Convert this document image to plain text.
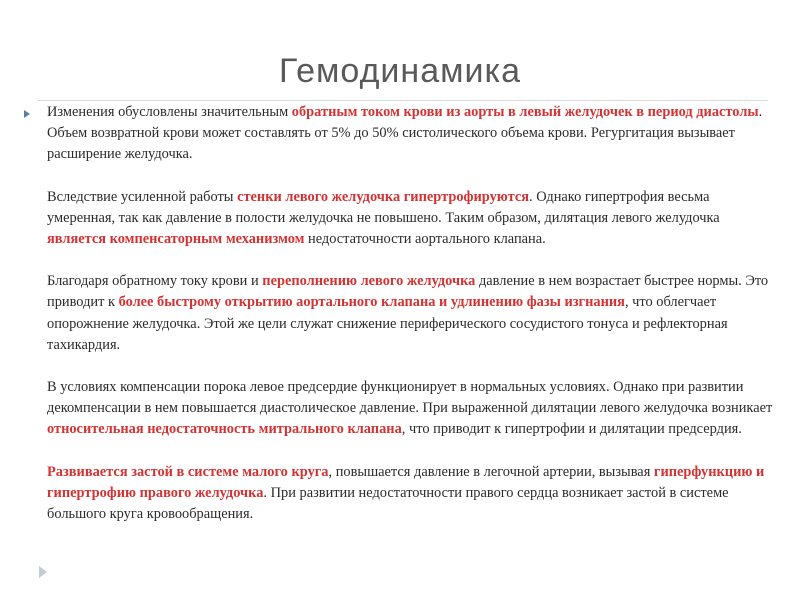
Гемодинамика

Изменения обусловлены значительным обратным током крови из аорты в левый желудочек в период диастолы. Объем возвратной крови может составлять от 5% до 50% систолического объема крови. Регургитация вызывает расширение желудочка.

Вследствие усиленной работы стенки левого желудочка гипертрофируются. Однако гипертрофия весьма умеренная, так как давление в полости желудочка не повышено. Таким образом, дилятация левого желудочка является компенсаторным механизмом недостаточности аортального клапана.

Благодаря обратному току крови и переполнению левого желудочка давление в нем возрастает быстрее нормы. Это приводит к более быстрому открытию аортального клапана и удлинению фазы изгнания, что облегчает опорожнение желудочка. Этой же цели служат снижение периферического сосудистого тонуса и рефлекторная тахикардия.

В условиях компенсации порока левое предсердие функционирует в нормальных условиях. Однако при развитии декомпенсации в нем повышается диастолическое давление. При выраженной дилятации левого желудочка возникает относительная недостаточность митрального клапана, что приводит к гипертрофии и дилятации предсердия.

Развивается застой в системе малого круга, повышается давление в легочной артерии, вызывая гиперфункцию и гипертрофию правого желудочка. При развитии недостаточности правого сердца возникает застой в системе большого круга кровообращения.
